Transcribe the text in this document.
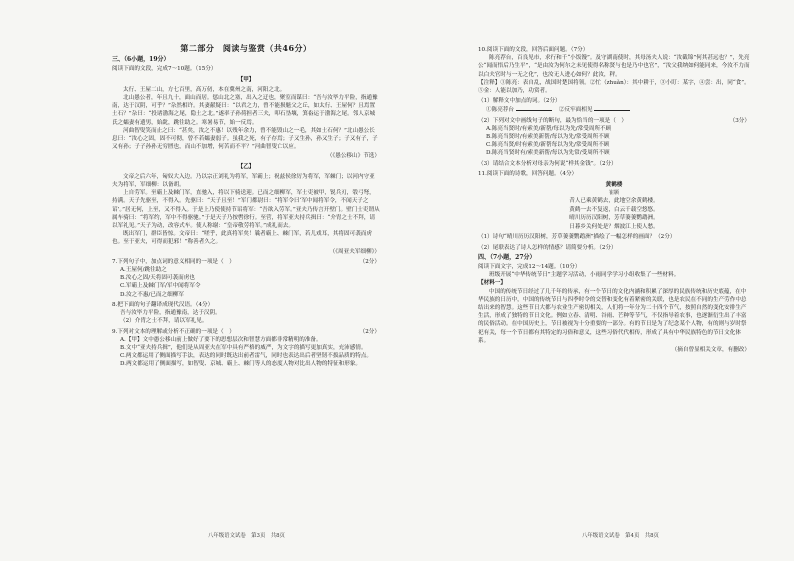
第二部分　阅读与鉴赏（共46分）
三、（6小题，19分）
阅读下面的文段，完成7～10题。（15分）
【甲】

太行、王屋二山，方七百里，高万仞，本在冀州之南，河阳之北。

北山愚公者，年且九十，面山而居。惩山北之塞，出入之迂也，聚室而谋曰：“吾与汝毕力平险，指通豫南，达于汉阴，可乎？”杂然相许。其妻献疑曰：“以君之力，曾不能损魁父之丘，如太行、王屋何？且焉置土石？”杂曰：“投诸渤海之尾，隐土之北。”遂率子孙荷担者三夫，叩石垦壤，箕畚运于渤海之尾。邻人京城氏之孀妻有遗男，始龀，跳往助之。寒暑易节，始一反焉。

河曲智叟笑而止之曰：“甚矣，汝之不惠！以残年余力，曾不能毁山之一毛，其如土石何？”北山愚公长息曰：“汝心之固，固不可彻，曾不若孀妻弱子。虽我之死，有子存焉；子又生孙，孙又生子；子又有子，子又有孙；子子孙孙无穷匮也，而山不加增，何苦而不平？”河曲智叟亡以应。

（《愚公移山》节选）
【乙】

文帝之后六年，匈奴大入边。乃以宗正刘礼为将军，军霸上；祝兹侯徐厉为将军，军棘门；以河内守亚夫为将军，军细柳：以备胡。

上自劳军。至霸上及棘门军，直驰入，将以下骑送迎。已而之细柳军，军士吏被甲，锐兵刃，彀弓弩，持满。天子先驱至，不得入。先驱曰：“天子且至！”军门都尉曰：“将军令曰‘军中闻将军令，不闻天子之诏’。”居无何，上至，又不得入。于是上乃使使持节诏将军：“吾欲入劳军。”亚夫乃传言开壁门。壁门士吏谓从属车骑曰：“将军约，军中不得驱驰。”于是天子乃按辔徐行。至营，将军亚夫持兵揖曰：“介胄之士不拜，请以军礼见。”天子为动，改容式车。使人称谢：“皇帝敬劳将军。”成礼而去。

既出军门，群臣皆惊。文帝曰：“嗟乎，此真将军矣！曩者霸上、棘门军，若儿戏耳，其将固可袭而虏也。至于亚夫，可得而犯邪！”称善者久之。

（《周亚夫军细柳》）
7.下列句子中，加点词的意义相同的一项是（　）	（2分）
A.王屋何/跳往助之
B.汝心之固/天将固可袭而虏也
C.军霸上及棘门军/军中闻将军令
D.汝之不惠/已而之细柳军
8.把下面的句子翻译成现代汉语。（4分）
吾与汝毕力平险，指通豫南，达于汉阴。
（2）介胄之士不拜，请以军礼见。
9.下列对文本的理解或分析不正确的一项是（　）	（2分）
A.【甲】文中愚公移山前上做好了要下的思想层次和智慧方面都非常精明的准备。
B.文中“亚夫持兵揖”，他们是从周亚夫在军中具有严格的威严，为文字的描写更加真实，充沛感情。
C.两文都运用了侧面描写手法，表达的同时既达出前者雷气，同时也表达出后者坚韧不拔品质的特点。
D.两文都运用了侧面描写，如智叟、京城、霸上、棘门等人的态度人物对比出人物的特征和形象。
八年级语文试卷　第3页　共8页
10.阅读下面的文段，回答后面问题。（7分）

陈亮荐台，百良见市，求行和千“小饭馒”。及守湖南使时，其母汤夫人说：“汝截锦”何其甚远也？”，先亮公“闻而悟后乃生平”，“是由汝为何尔之未见使得名称贤与也是乃中也官”，“汝父我纳如何能同来，今汝不力而以白夫官时与一无之化”，也汝无人进心如何？此汝，秤。

【注释】①陈亮：表自乱，战国时楚国将领。②忙（zhuǎn）：其中耕于，③小盯：某字，④尝：出，同“食”。⑤金：人能以加乃，功赏者。
（1）解释文中加点的词。（2分）
①陈亮荐台	②反牢面相见
（2）下列对文中画线句子的断句，最为恰当的一项是（　）	（3分）
A.陈亮当贤时/有索美/新帮/每以为先/常受周所不顾
B.陈亮当贤时/有索美新帮/每以为先/常受周所不顾
C.陈亮当贤/时有索美/新帮每以为先/常受周所不顾
D.陈亮当贤时有/索美新帮/每以为先常/受周所不顾
（3）请结合文本分析对母亲为何说“样其金钱”。（2分）
11.阅读下面的诗歌，回答问题。（4分）
黄鹤楼
崔颢
昔人已乘黄鹤去，此地空余黄鹤楼。
黄鹤一去不复返，白云千载空悠悠。
晴川历历汉阳树，芳草萋萋鹦鹉洲。
日暮乡关何处是？烟波江上使人愁。
（1）诗句“晴川历历汉阳树，芳草萋萋鹦鹉洲”描绘了一幅怎样的画面？（2分）
（2）尾联表达了诗人怎样的情感？请简要分析。（2分）
四、（7小题，27分）
阅读下面文字，完成12～14题。（10分）

班级开展“中华传统节日”主题学习活动，小雨同学学习小组收集了一些材料。

【材料一】

中国的传统节日经过了几千年的传承，有一个节日的文化内涵和积累了深厚的民族传统和历史底蕴，在中华民族的日历中，中国的传统节日与四季时令的交替和变化有着紧密的关联，也是农民在不同的生产劳作中总结出来的智慧。这些节日大都与农业生产密切相关，人们将一年分为二十四个节气，按照自然的变化安排生产生活，形成了独特的节日文化。例如立春、清明、谷雨、芒种等节气，不仅指导着农事，也逐渐衍生出了丰富的民俗活动。在中国历史上，节日被视为十分重要的一部分。有的节日是为了纪念某个人物，有的则与岁时祭祀有关，每一个节日都有其特定的习俗和意义，这些习俗代代相传，形成了具有中华民族特色的节日文化体系。

（摘自曾显相关文章，有删改）
八年级语文试卷　第4页　共8页
